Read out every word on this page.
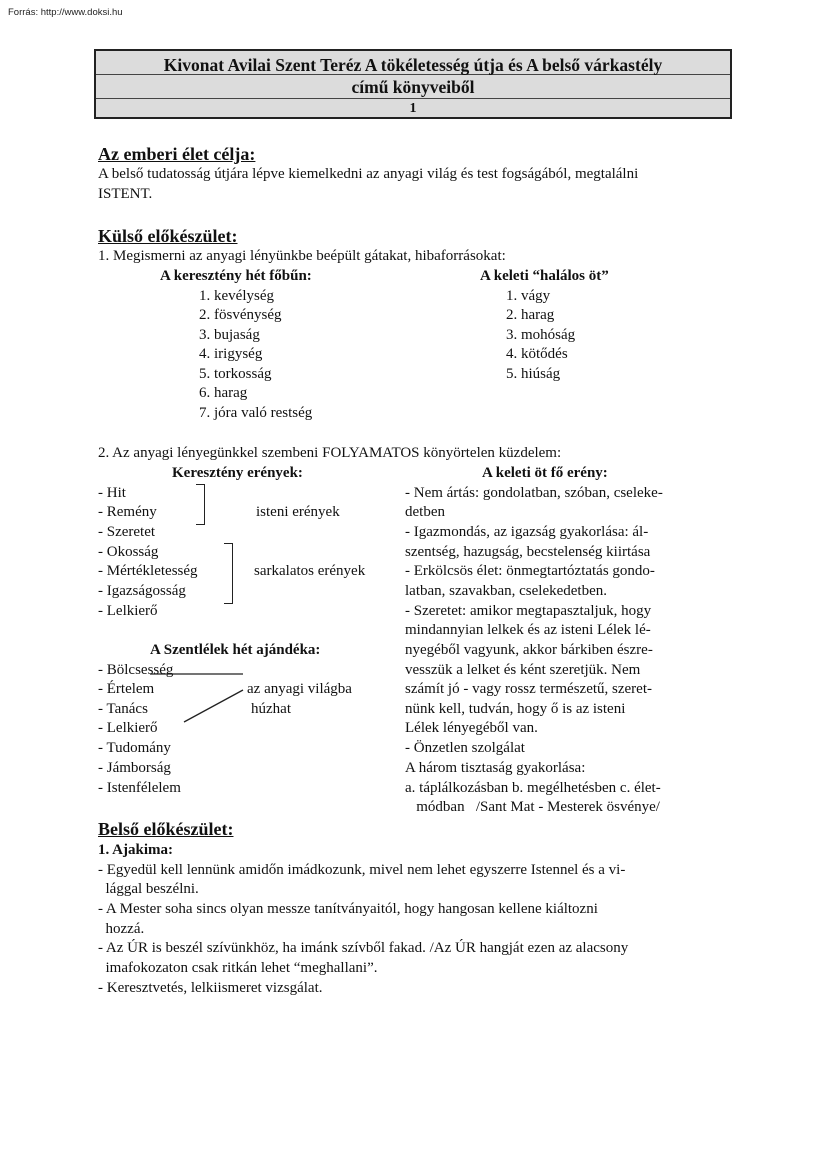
Forrás: http://www.doksi.hu
Kivonat Avilai Szent Teréz A tökéletesség útja és A belső várkastély
című könyveiből
1
Az emberi élet célja:
A belső tudatosság útjára lépve kiemelkedni az anyagi világ és test fogságából, megtalálni
ISTENT.
Külső előkészület:
1. Megismerni az anyagi lényünkbe beépült gátakat, hibaforrásokat:
A keresztény hét főbűn:	A keleti “halálos öt”
1. kevélység
2. fösvénység
3. bujaság
4. irigység
5. torkosság
6. harag
7. jóra való restség
1. vágy
2. harag
3. mohóság
4. kötődés
5. hiúság
2. Az anyagi lényegünkkel szembeni FOLYAMATOS könyörtelen küzdelem:
Keresztény erények:	A keleti öt fő erény:
- Hit
- Remény
- Szeretet
- Okosság
- Mértékletesség
- Igazságosság
- Lelkierő
isteni erények
sarkalatos erények
A Szentlélek hét ajándéka:
- Bölcsesség
- Értelem
- Tanács
- Lelkierő
- Tudomány
- Jámborság
- Istenfélelem
az anyagi világba
húzhat
- Nem ártás: gondolatban, szóban, cseleke-
detben
- Igazmondás, az igazság gyakorlása: ál-
szentség, hazugság, becstelenség kiirtása
- Erkölcsös élet: önmegtartóztatás gondo-
latban, szavakban, cselekedetben.
- Szeretet: amikor megtapasztaljuk, hogy
mindannyian lelkek és az isteni Lélek lé-
nyegéből vagyunk, akkor bárkiben észre-
vesszük a lelket és ként szeretjük. Nem
számít jó - vagy rossz természetű, szeret-
nünk kell, tudván, hogy ő is az isteni
Lélek lényegéből van.
- Önzetlen szolgálat
A három tisztaság gyakorlása:
a. táplálkozásban b. megélhetésben c. élet-
módban   /Sant Mat - Mesterek ösvénye/
Belső előkészület:
1. Ajakima:
- Egyedül kell lennünk amidőn imádkozunk, mivel nem lehet egyszerre Istennel és a vi-
lággal beszélni.
- A Mester soha sincs olyan messze tanítványaitól, hogy hangosan kellene kiáltozni
hozzá.
- Az ÚR is beszél szívünkhöz, ha imánk szívből fakad. /Az ÚR hangját ezen az alacsony
imafokozaton csak ritkán lehet “meghallani”.
- Keresztvetés, lelkiismeret vizsgálat.
